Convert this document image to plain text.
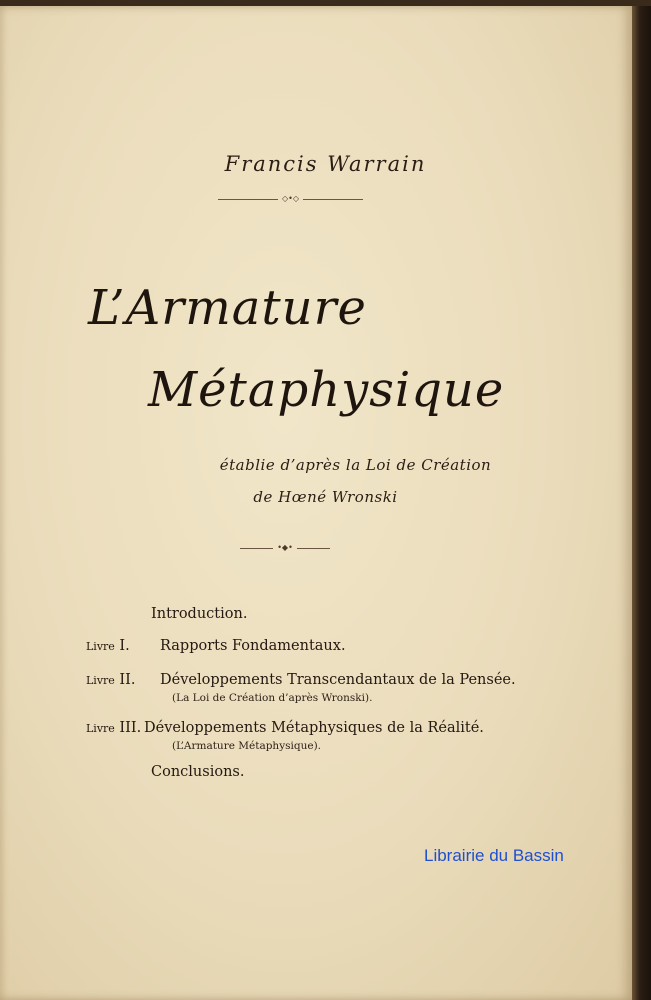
Francis Warrain
◇•◇
L’Armature
Métaphysique
établie d’après la Loi de Création
de Hœné Wronski
•◆•
Introduction.
Livre I. Rapports Fondamentaux.
Livre II. Développements Transcendantaux de la Pensée.
(La Loi de Création d’après Wronski).
Livre III. Développements Métaphysiques de la Réalité.
(L’Armature Métaphysique).
Conclusions.
Librairie du Bassin
